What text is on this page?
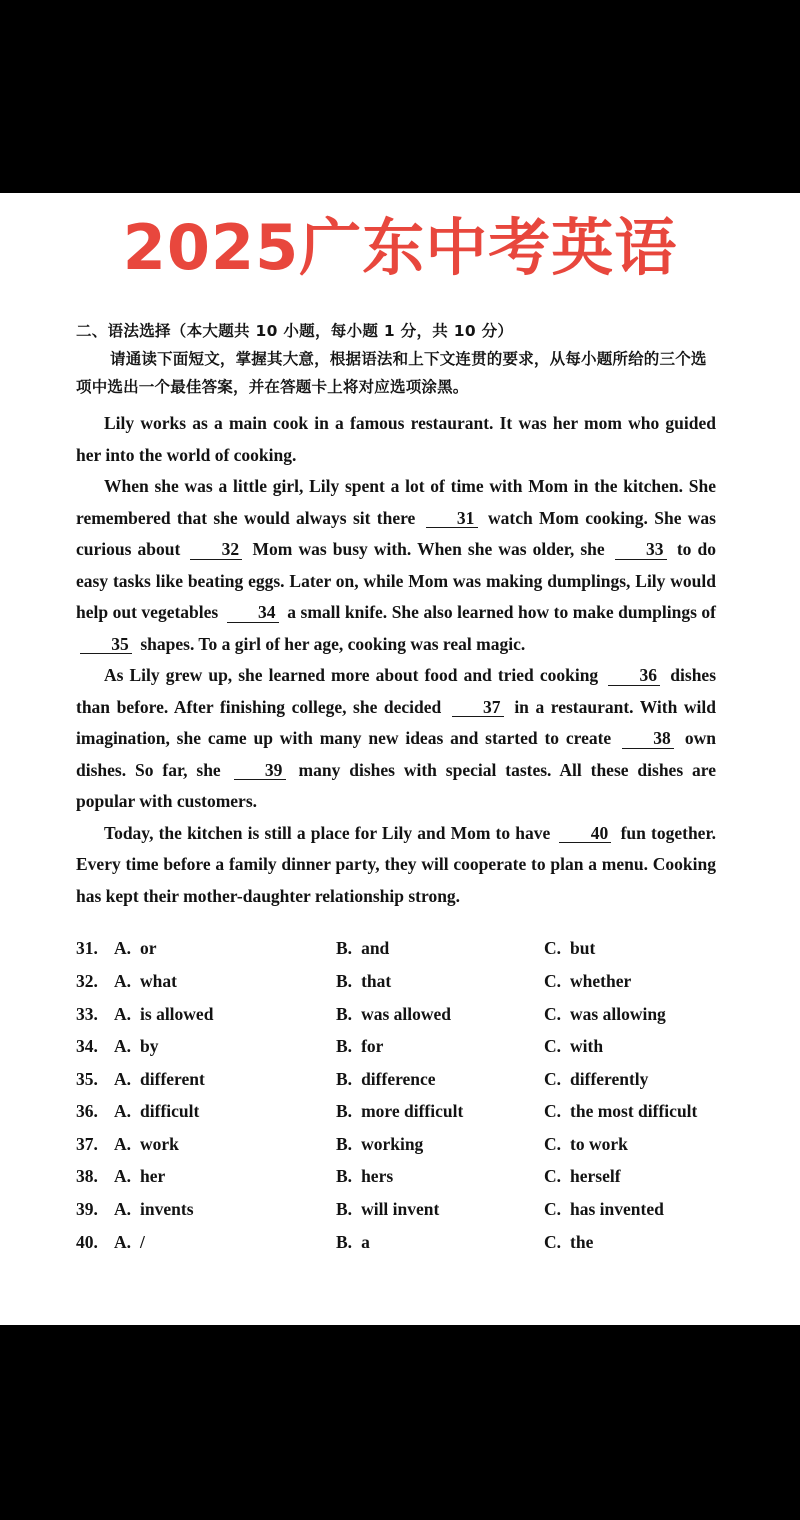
2025广东中考英语

二、语法选择（本大题共 10 小题，每小题 1 分，共 10 分）

请通读下面短文，掌握其大意，根据语法和上下文连贯的要求，从每小题所给的三个选项中选出一个最佳答案，并在答题卡上将对应选项涂黑。

Lily works as a main cook in a famous restaurant. It was her mom who guided her into the world of cooking.

When she was a little girl, Lily spent a lot of time with Mom in the kitchen. She remembered that she would always sit there 31 watch Mom cooking. She was curious about 32 Mom was busy with. When she was older, she 33 to do easy tasks like beating eggs. Later on, while Mom was making dumplings, Lily would help out vegetables 34 a small knife. She also learned how to make dumplings of 35 shapes. To a girl of her age, cooking was real magic.

As Lily grew up, she learned more about food and tried cooking 36 dishes than before. After finishing college, she decided 37 in a restaurant. With wild imagination, she came up with many new ideas and started to create 38 own dishes. So far, she 39 many dishes with special tastes. All these dishes are popular with customers.

Today, the kitchen is still a place for Lily and Mom to have 40 fun together. Every time before a family dinner party, they will cooperate to plan a menu. Cooking has kept their mother-daughter relationship strong.

31. A. or	B. and	C. but
32. A. what	B. that	C. whether
33. A. is allowed	B. was allowed	C. was allowing
34. A. by	B. for	C. with
35. A. different	B. difference	C. differently
36. A. difficult	B. more difficult	C. the most difficult
37. A. work	B. working	C. to work
38. A. her	B. hers	C. herself
39. A. invents	B. will invent	C. has invented
40. A. /	B. a	C. the
